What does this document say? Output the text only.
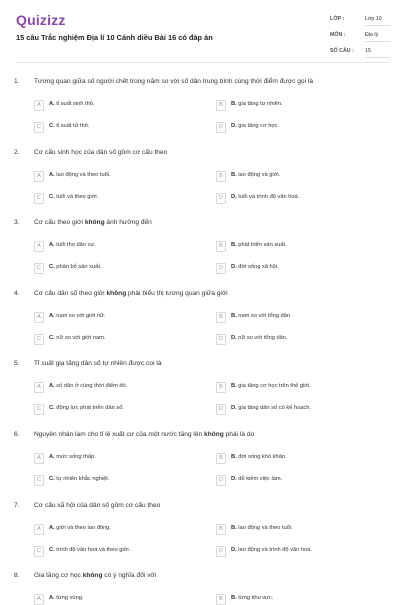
Quizizz
15 câu Trắc nghiệm Địa lí 10 Cánh diều Bài 16 có đáp án
LỚP :	Lớp 10
MÔN :	Địa lý
SỐ CÂU : 15
1. Tương quan giữa số người chết trong năm so với số dân trung bình cùng thời điểm được gọi là
A	A. tỉ suất sinh thô.	B	B. gia tăng tự nhiên.
C	C. tỉ suất tử thô.	D	D. gia tăng cơ học.
2. Cơ cấu sinh học của dân số gồm cơ cấu theo
A	A. lao động và theo tuổi.	B	B. lao động và giới.
C	C. tuổi và theo giới.	D	D. tuổi và trình độ văn hoá.
3. Cơ cấu theo giới không ảnh hưởng đến
A	A. tuổi thọ dân cư.	B	B. phát triển sản xuất.
C	C. phân bố sản xuất.	D	D. đời sống xã hội.
4. Cơ cấu dân số theo giới không phải biểu thị tương quan giữa giới
A	A. nam so với giới nữ.	B	B. nam so với tổng dân.
C	C. nữ so với giới nam.	D	D. nữ so với tổng dân.
5. Tỉ suất gia tăng dân số tự nhiên được coi là
A	A. số dân ở cùng thời điểm đó.	B	B. gia tăng cơ học trên thế giới.
C	C. động lực phát triển dân số.	D	D. gia tăng dân số có kế hoạch.
6. Nguyên nhân làm cho tỉ lệ xuất cư của một nước tăng lên không phải là do
A	A. mức sống thấp.	B	B. đời sống khó khăn.
C	C. tự nhiên khắc nghiệt.	D	D. dễ kiếm việc làm.
7. Cơ cấu xã hội của dân số gồm cơ cấu theo
A	A. giới và theo lao động.	B	B. lao động và theo tuổi.
C	C. trình độ văn hoá và theo giới.	D	D. lao động và trình độ văn hoá.
8. Gia tăng cơ học không có ý nghĩa đối với
A	A. từng vùng.	B	B. từng khu vực.
